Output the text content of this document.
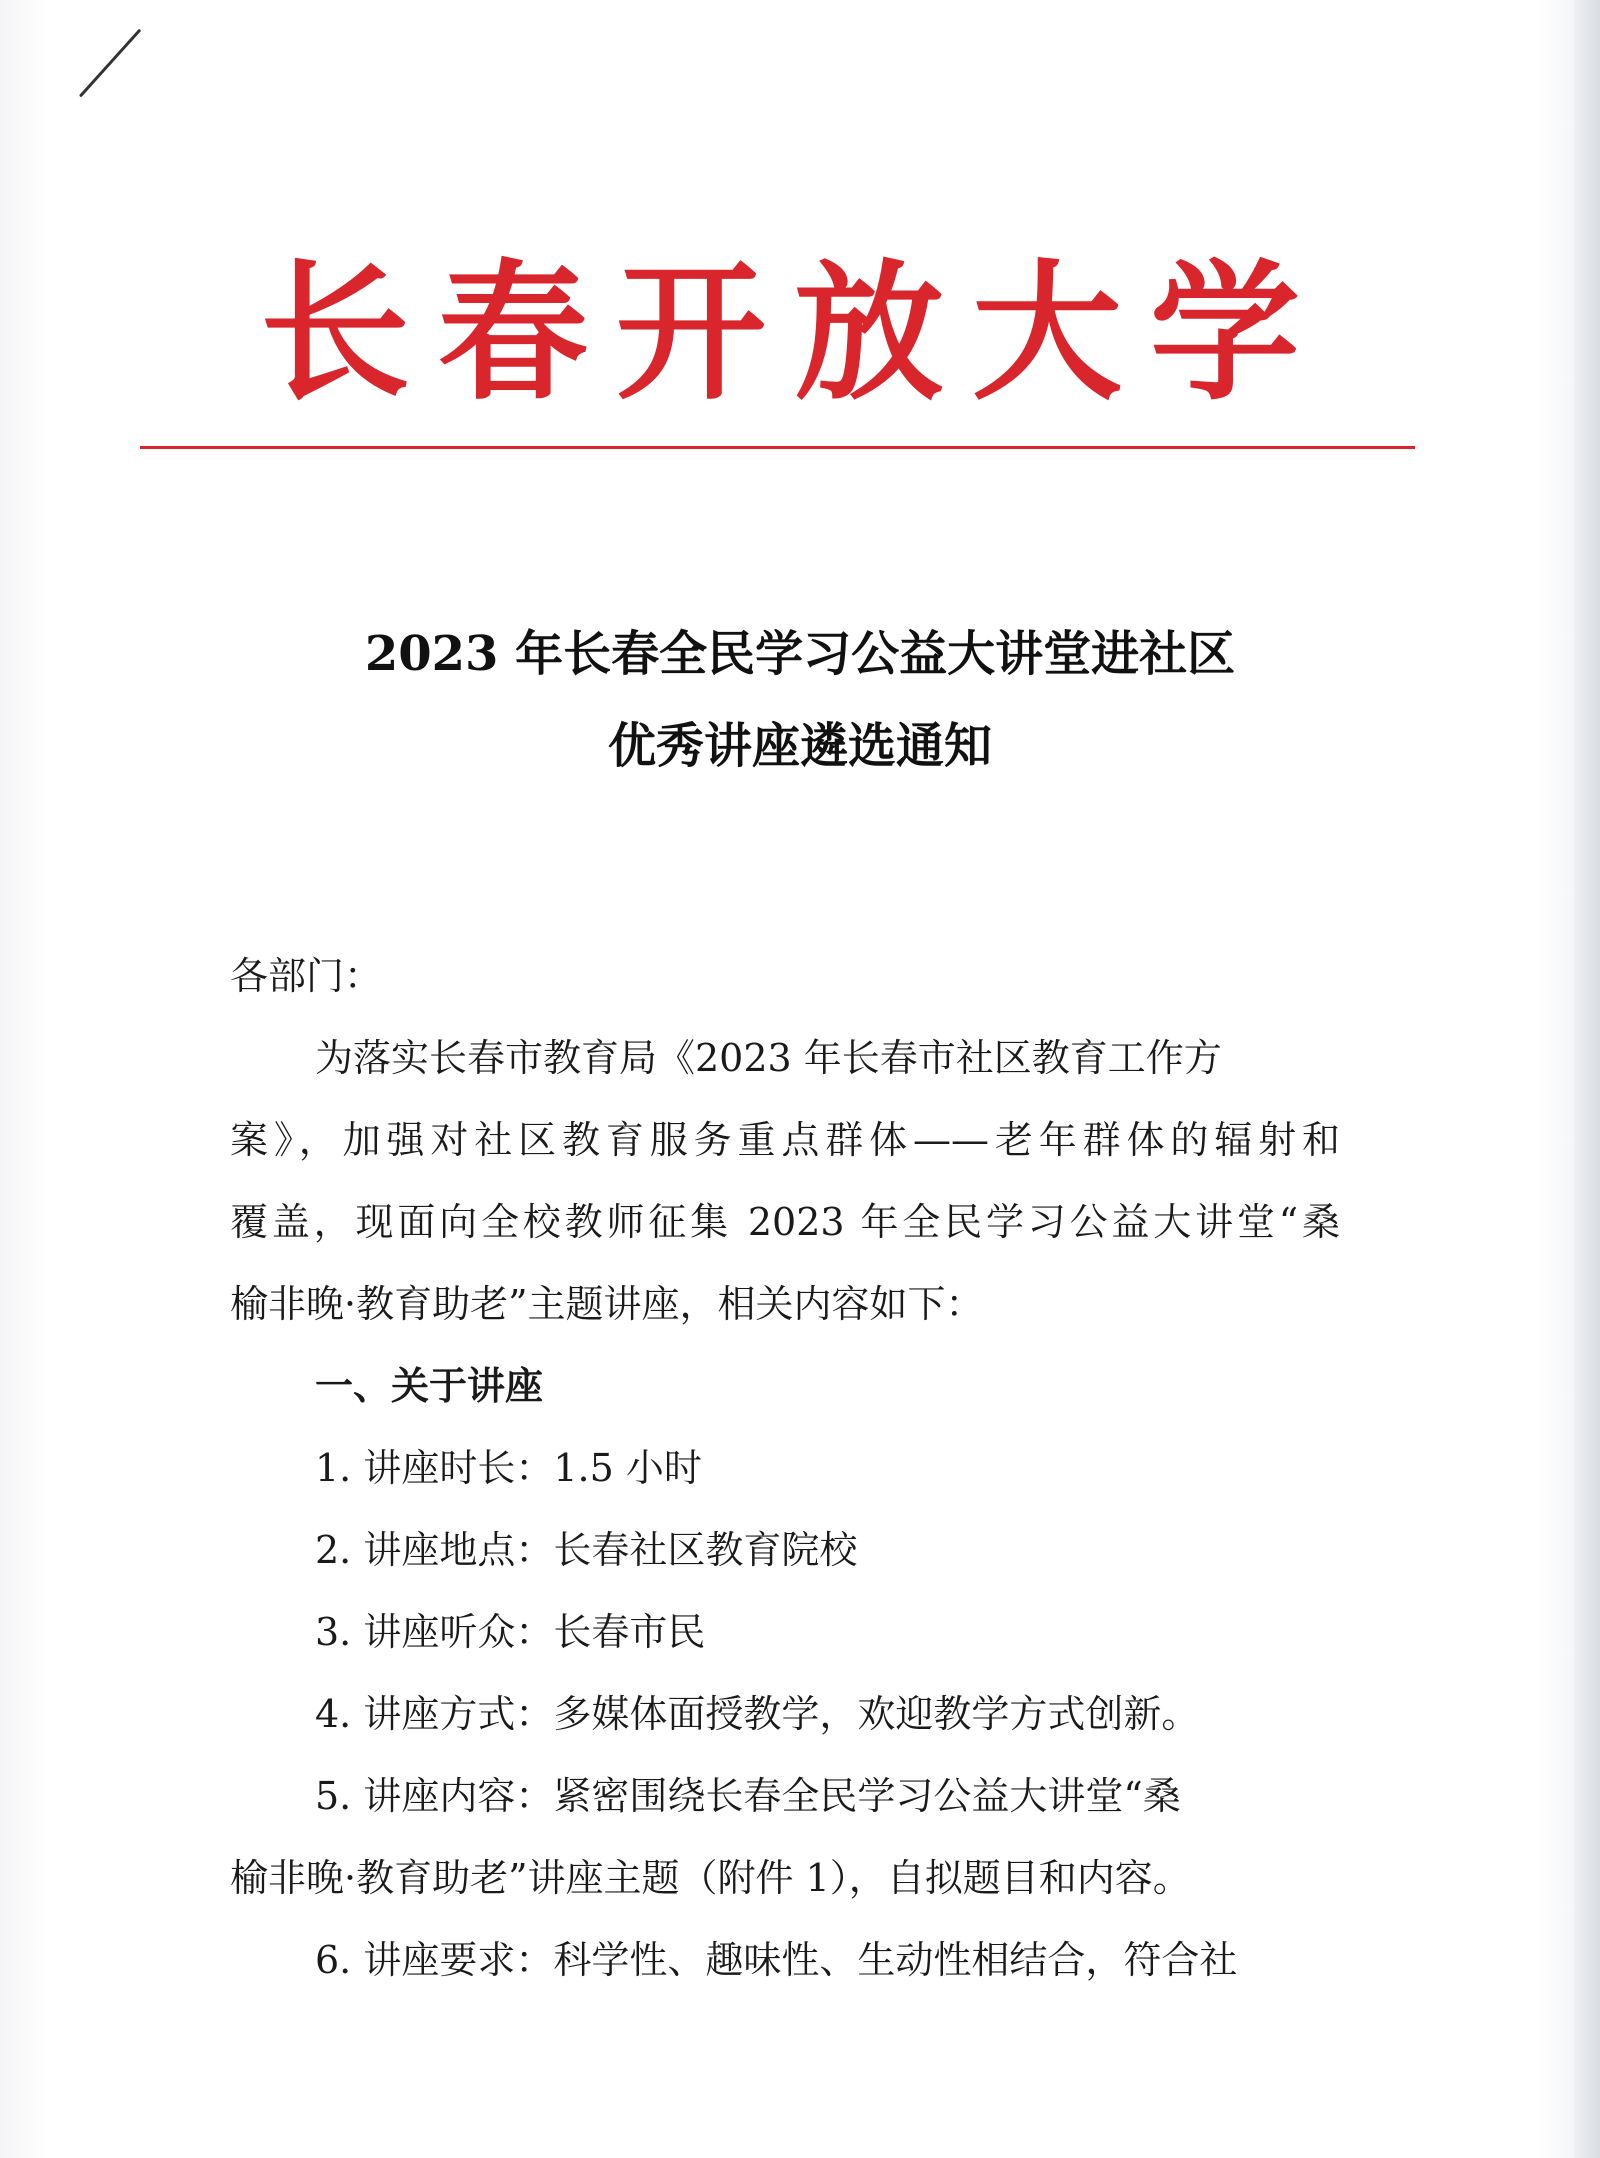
长 春 开 放 大 学
2023 年长春全民学习公益大讲堂进社区
优秀讲座遴选通知
各部门：
为落实长春市教育局《2023 年长春市社区教育工作方
案》，加强对社区教育服务重点群体——老年群体的辐射和
覆盖，现面向全校教师征集 2023 年全民学习公益大讲堂“桑
榆非晚·教育助老”主题讲座，相关内容如下：
一、关于讲座
1. 讲座时长：1.5 小时
2. 讲座地点：长春社区教育院校
3. 讲座听众：长春市民
4. 讲座方式：多媒体面授教学，欢迎教学方式创新。
5. 讲座内容：紧密围绕长春全民学习公益大讲堂“桑
榆非晚·教育助老”讲座主题（附件 1），自拟题目和内容。
6. 讲座要求：科学性、趣味性、生动性相结合，符合社
